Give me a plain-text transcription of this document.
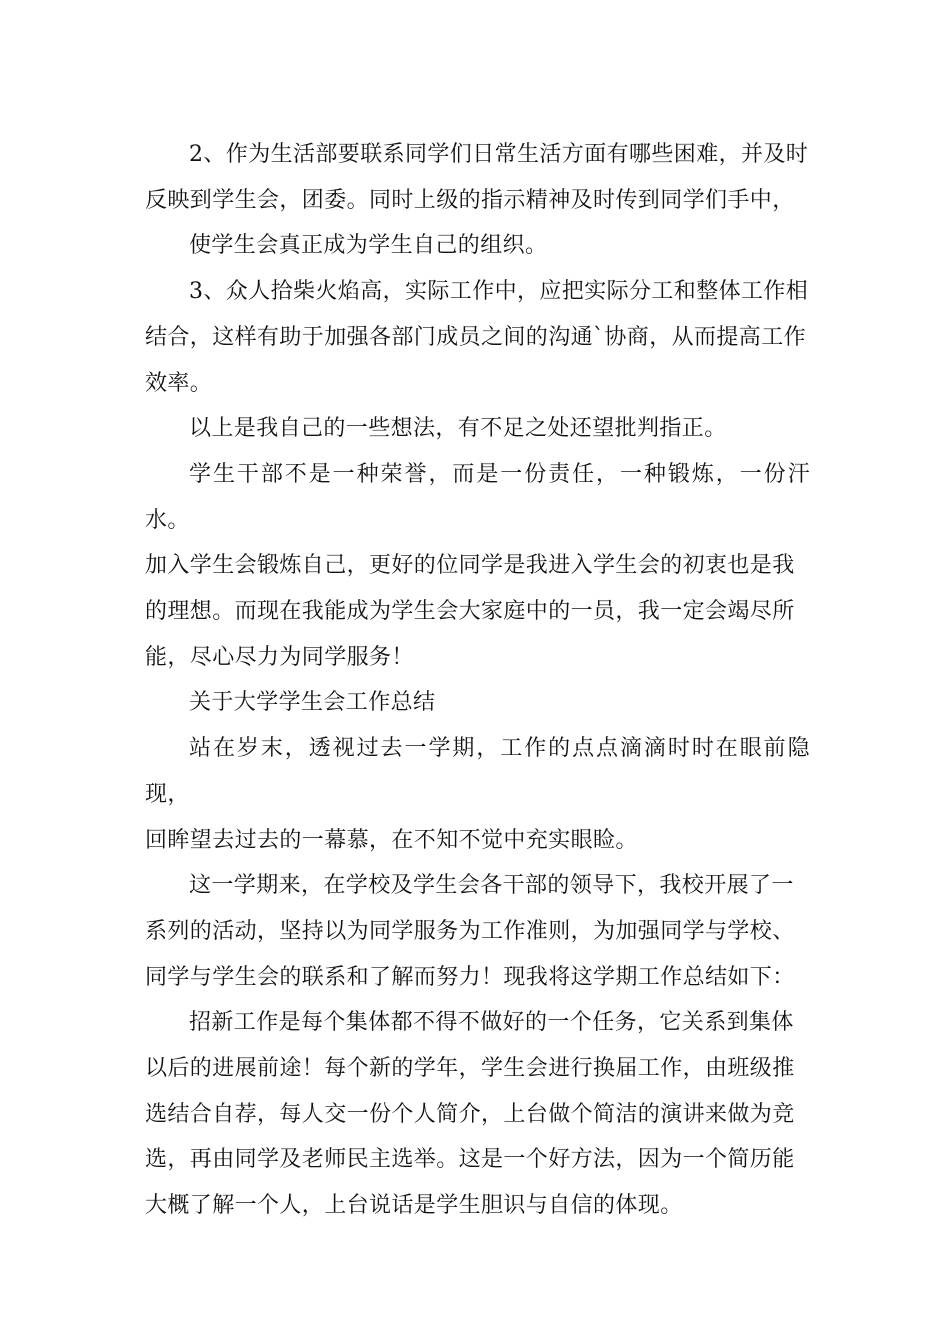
2、作为生活部要联系同学们日常生活方面有哪些困难，并及时
反映到学生会，团委。同时上级的指示精神及时传到同学们手中，

使学生会真正成为学生自己的组织。

3、众人拾柴火焰高，实际工作中，应把实际分工和整体工作相
结合，这样有助于加强各部门成员之间的沟通`协商，从而提高工作
效率。

以上是我自己的一些想法，有不足之处还望批判指正。

学生干部不是一种荣誉，而是一份责任，一种锻炼，一份汗水。
加入学生会锻炼自己，更好的位同学是我进入学生会的初衷也是我
的理想。而现在我能成为学生会大家庭中的一员，我一定会竭尽所
能，尽心尽力为同学服务！

关于大学学生会工作总结

站在岁末，透视过去一学期，工作的点点滴滴时时在眼前隐现，
回眸望去过去的一幕慕，在不知不觉中充实眼睑。

这一学期来，在学校及学生会各干部的领导下，我校开展了一
系列的活动，坚持以为同学服务为工作准则，为加强同学与学校、
同学与学生会的联系和了解而努力！现我将这学期工作总结如下：

招新工作是每个集体都不得不做好的一个任务，它关系到集体
以后的进展前途！每个新的学年，学生会进行换届工作，由班级推
选结合自荐，每人交一份个人简介，上台做个简洁的演讲来做为竞
选，再由同学及老师民主选举。这是一个好方法，因为一个简历能
大概了解一个人，上台说话是学生胆识与自信的体现。
